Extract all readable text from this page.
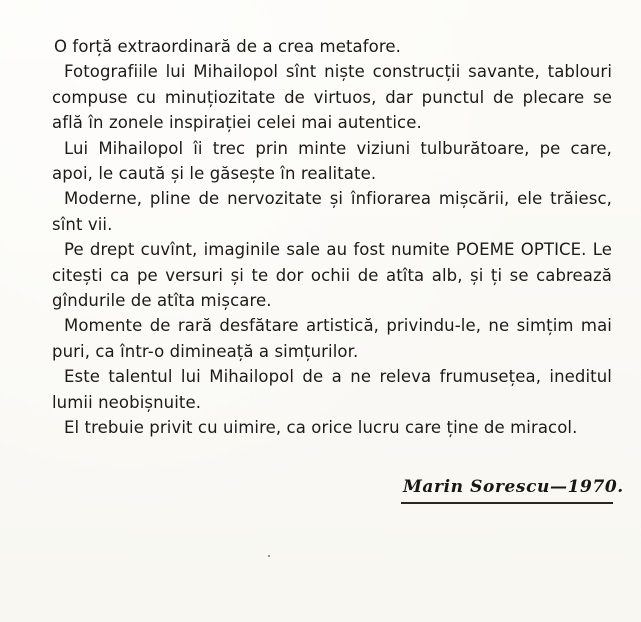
O forță extraordinară de a crea metafore.

Fotografiile lui Mihailopol sînt niște construcții savante, tablouri compuse cu minuțiozitate de virtuos, dar punctul de plecare se află în zonele inspirației celei mai autentice.

Lui Mihailopol îi trec prin minte viziuni tulburătoare, pe care, apoi, le caută și le găsește în realitate.

Moderne, pline de nervozitate și înfiorarea mișcării, ele trăiesc, sînt vii.

Pe drept cuvînt, imaginile sale au fost numite POEME OPTICE. Le citești ca pe versuri și te dor ochii de atîta alb, și ți se cabrează gîndurile de atîta mișcare.

Momente de rară desfătare artistică, privindu-le, ne simțim mai puri, ca într-o dimineață a simțurilor.

Este talentul lui Mihailopol de a ne releva frumusețea, ineditul lumii neobișnuite.

El trebuie privit cu uimire, ca orice lucru care ține de miracol.

Marin Sorescu—1970.
